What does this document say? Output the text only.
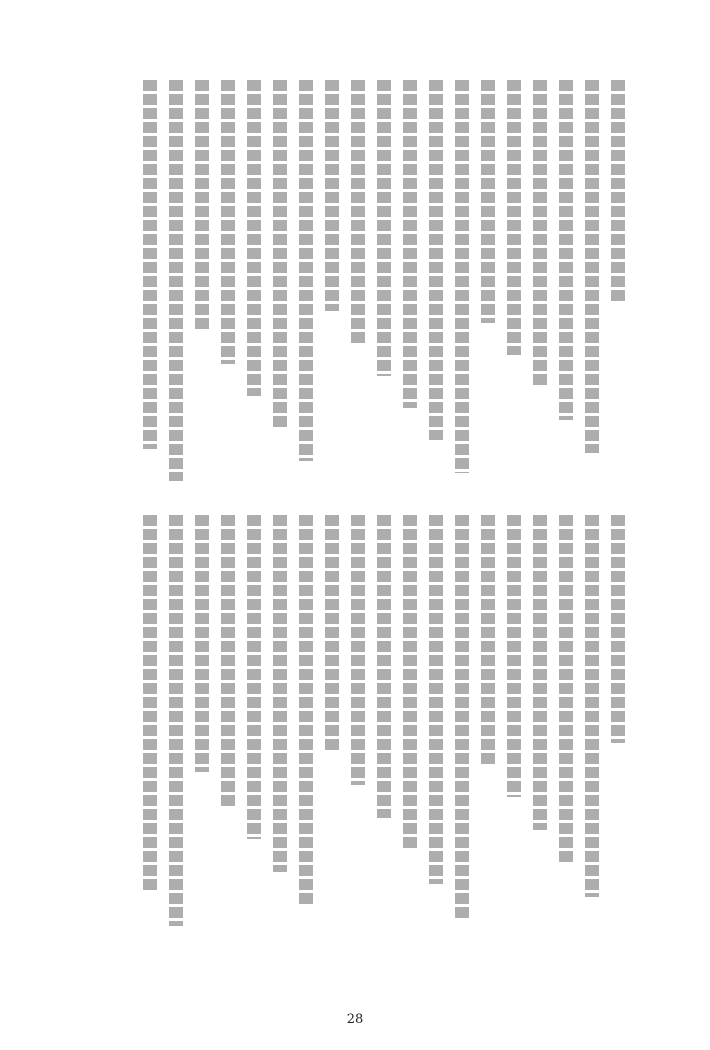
28
